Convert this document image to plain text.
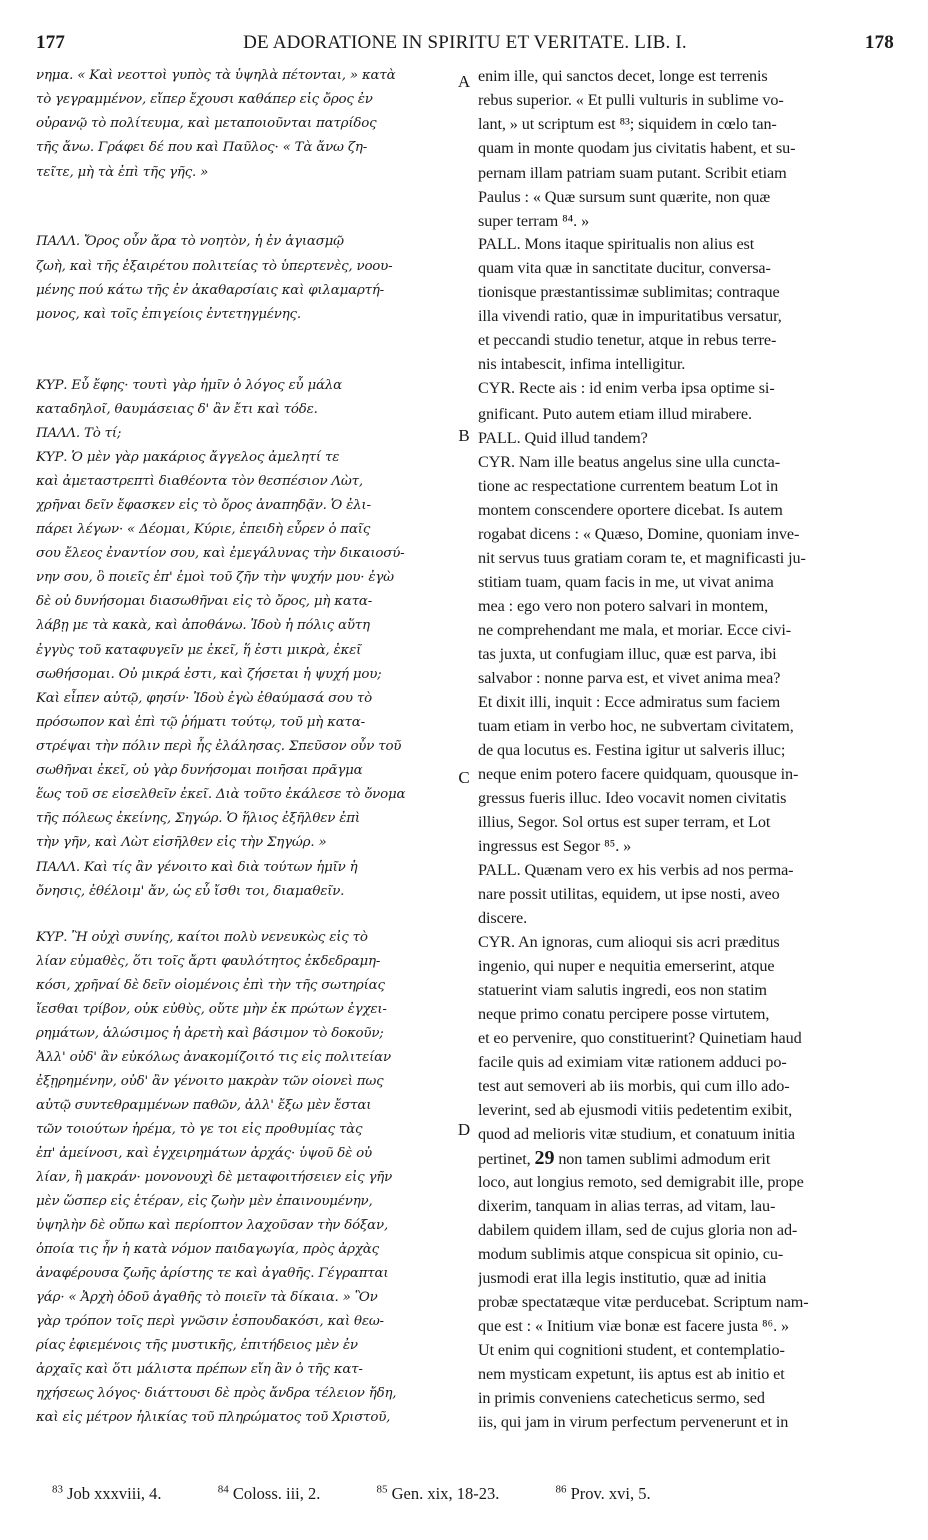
177	DE ADORATIONE IN SPIRITU ET VERITATE. LIB. I.	178
νημα. « Καὶ νεοττοὶ γυπὸς τὰ ὑψηλὰ πέτονται, » κατὰ
τὸ γεγραμμένον, εἴπερ ἔχουσι καθάπερ εἰς ὄρος ἐν
οὐρανῷ τὸ πολίτευμα, καὶ μεταποιοῦνται πατρίδος
τῆς ἄνω. Γράφει δέ που καὶ Παῦλος· « Τὰ ἄνω ζη-
τεῖτε, μὴ τὰ ἐπὶ τῆς γῆς. »
ΠΑΛΛ. Ὄρος οὖν ἄρα τὸ νοητὸν, ἡ ἐν ἁγιασμῷ
ζωὴ, καὶ τῆς ἐξαιρέτου πολιτείας τὸ ὑπερτενὲς, νοου-
μένης πού κάτω τῆς ἐν ἀκαθαρσίαις καὶ φιλαμαρτή-
μονος, καὶ τοῖς ἐπιγείοις ἐντετηγμένης.
ΚΥΡ. Εὖ ἔφης· τουτὶ γὰρ ἡμῖν ὁ λόγος εὖ μάλα
καταδηλοῖ, θαυμάσειας δ' ἂν ἔτι καὶ τόδε.
ΠΑΛΛ. Τὸ τί;
ΚΥΡ. Ὁ μὲν γὰρ μακάριος ἄγγελος ἀμελητί τε
καὶ ἀμεταστρεπτὶ διαθέοντα τὸν θεσπέσιον Λὼτ,
χρῆναι δεῖν ἔφασκεν εἰς τὸ ὄρος ἀναπηδᾷν. Ὁ ἐλι-
πάρει λέγων· « Δέομαι, Κύριε, ἐπειδὴ εὗρεν ὁ παῖς
σου ἔλεος ἐναντίον σου, καὶ ἐμεγάλυνας τὴν δικαιοσύ-
νην σου, ὃ ποιεῖς ἐπ' ἐμοὶ τοῦ ζῆν τὴν ψυχήν μου· ἐγὼ
δὲ οὐ δυνήσομαι διασωθῆναι εἰς τὸ ὄρος, μὴ κατα-
λάβῃ με τὰ κακὰ, καὶ ἀποθάνω. Ἰδοὺ ἡ πόλις αὕτη
ἐγγὺς τοῦ καταφυγεῖν με ἐκεῖ, ἥ ἐστι μικρὰ, ἐκεῖ
σωθήσομαι. Οὐ μικρά ἐστι, καὶ ζήσεται ἡ ψυχή μου;
Καὶ εἶπεν αὐτῷ, φησίν· Ἰδοὺ ἐγὼ ἐθαύμασά σου τὸ
πρόσωπον καὶ ἐπὶ τῷ ῥήματι τούτῳ, τοῦ μὴ κατα-
στρέψαι τὴν πόλιν περὶ ἧς ἐλάλησας. Σπεῦσον οὖν τοῦ
σωθῆναι ἐκεῖ, οὐ γὰρ δυνήσομαι ποιῆσαι πρᾶγμα
ἕως τοῦ σε εἰσελθεῖν ἐκεῖ. Διὰ τοῦτο ἐκάλεσε τὸ ὄνομα
τῆς πόλεως ἐκείνης, Σηγώρ. Ὁ ἥλιος ἐξῆλθεν ἐπὶ
τὴν γῆν, καὶ Λὼτ εἰσῆλθεν εἰς τὴν Σηγώρ. »
ΠΑΛΛ. Καὶ τίς ἂν γένοιτο καὶ διὰ τούτων ἡμῖν ἡ
ὄνησις, ἐθέλοιμ' ἄν, ὡς εὖ ἴσθι τοι, διαμαθεῖν.
ΚΥΡ. Ἢ οὐχὶ συνίης, καίτοι πολὺ νενευκὼς εἰς τὸ
λίαν εὐμαθὲς, ὅτι τοῖς ἄρτι φαυλότητος ἐκδεδραμη-
κόσι, χρῆναί δὲ δεῖν οἰομένοις ἐπὶ τὴν τῆς σωτηρίας
ἴεσθαι τρίβον, οὐκ εὐθὺς, οὔτε μὴν ἐκ πρώτων ἐγχει-
ρημάτων, ἁλώσιμος ἡ ἀρετὴ καὶ βάσιμον τὸ δοκοῦν;
Ἀλλ' οὐδ' ἂν εὐκόλως ἀνακομίζοιτό τις εἰς πολιτείαν
ἐξῃρημένην, οὐδ' ἂν γένοιτο μακρὰν τῶν οἱονεὶ πως
αὐτῷ συντεθραμμένων παθῶν, ἀλλ' ἔξω μὲν ἔσται
τῶν τοιούτων ἠρέμα, τὸ γε τοι εἰς προθυμίας τὰς
ἐπ' ἀμείνοσι, καὶ ἐγχειρημάτων ἀρχάς· ὑψοῦ δὲ οὐ
λίαν, ἢ μακράν· μονονουχὶ δὲ μεταφοιτήσειεν εἰς γῆν
μὲν ὥσπερ εἰς ἑτέραν, εἰς ζωὴν μὲν ἐπαινουμένην,
ὑψηλὴν δὲ οὔπω καὶ περίοπτον λαχοῦσαν τὴν δόξαν,
ὁποία τις ἦν ἡ κατὰ νόμον παιδαγωγία, πρὸς ἀρχὰς
ἀναφέρουσα ζωῆς ἀρίστης τε καὶ ἀγαθῆς. Γέγραπται
γάρ· « Ἀρχὴ ὁδοῦ ἀγαθῆς τὸ ποιεῖν τὰ δίκαια. » Ὃν
γὰρ τρόπον τοῖς περὶ γνῶσιν ἐσπουδακόσι, καὶ θεω-
ρίας ἐφιεμένοις τῆς μυστικῆς, ἐπιτήδειος μὲν ἐν
ἀρχαῖς καὶ ὅτι μάλιστα πρέπων εἴη ἂν ὁ τῆς κατ-
ηχήσεως λόγος· διάττουσι δὲ πρὸς ἄνδρα τέλειον ἤδη,
καὶ εἰς μέτρον ἡλικίας τοῦ πληρώματος τοῦ Χριστοῦ,
enim ille, qui sanctos decet, longe est terrenis
rebus superior. « Et pulli vulturis in sublime vo-
lant, » ut scriptum est ⁸³; siquidem in cœlo tan-
quam in monte quodam jus civitatis habent, et su-
pernam illam patriam suam putant. Scribit etiam
Paulus : « Quæ sursum sunt quærite, non quæ
super terram ⁸⁴. »
PALL. Mons itaque spiritualis non alius est
quam vita quæ in sanctitate ducitur, conversa-
tionisque præstantissimæ sublimitas; contraque
illa vivendi ratio, quæ in impuritatibus versatur,
et peccandi studio tenetur, atque in rebus terre-
nis intabescit, infima intelligitur.
CYR. Recte ais : id enim verba ipsa optime si-
gnificant. Puto autem etiam illud mirabere.
PALL. Quid illud tandem?
CYR. Nam ille beatus angelus sine ulla cuncta-
tione ac respectatione currentem beatum Lot in
montem conscendere oportere dicebat. Is autem
rogabat dicens : « Quæso, Domine, quoniam inve-
nit servus tuus gratiam coram te, et magnificasti ju-
stitiam tuam, quam facis in me, ut vivat anima
mea : ego vero non potero salvari in montem,
ne comprehendant me mala, et moriar. Ecce civi-
tas juxta, ut confugiam illuc, quæ est parva, ibi
salvabor : nonne parva est, et vivet anima mea?
Et dixit illi, inquit : Ecce admiratus sum faciem
tuam etiam in verbo hoc, ne subvertam civitatem,
de qua locutus es. Festina igitur ut salveris illuc;
neque enim potero facere quidquam, quousque in-
gressus fueris illuc. Ideo vocavit nomen civitatis
illius, Segor. Sol ortus est super terram, et Lot
ingressus est Segor ⁸⁵. »
PALL. Quænam vero ex his verbis ad nos perma-
nare possit utilitas, equidem, ut ipse nosti, aveo
discere.
CYR. An ignoras, cum alioqui sis acri præditus
ingenio, qui nuper e nequitia emerserint, atque
statuerint viam salutis ingredi, eos non statim
neque primo conatu percipere posse virtutem,
et eo pervenire, quo constituerint? Quinetiam haud
facile quis ad eximiam vitæ rationem adduci po-
test aut semoveri ab iis morbis, qui cum illo ado-
leverint, sed ab ejusmodi vitiis pedetentim exibit,
quod ad melioris vitæ studium, et conatuum initia
pertinet, 29 non tamen sublimi admodum erit
loco, aut longius remoto, sed demigrabit ille, prope
dixerim, tanquam in alias terras, ad vitam, lau-
dabilem quidem illam, sed de cujus gloria non ad-
modum sublimis atque conspicua sit opinio, cu-
jusmodi erat illa legis institutio, quæ ad initia
probæ spectatæque vitæ perducebat. Scriptum nam-
que est : « Initium viæ bonæ est facere justa ⁸⁶. »
Ut enim qui cognitioni student, et contemplatio-
nem mysticam expetunt, iis aptus est ab initio et
in primis conveniens catecheticus sermo, sed
iis, qui jam in virum perfectum pervenerunt et in
A
B
C
D
$^{83}$ Job xxxviii, 4.	$^{84}$ Coloss. iii, 2.	$^{85}$ Gen. xix, 18-23.	$^{86}$ Prov. xvi, 5.
